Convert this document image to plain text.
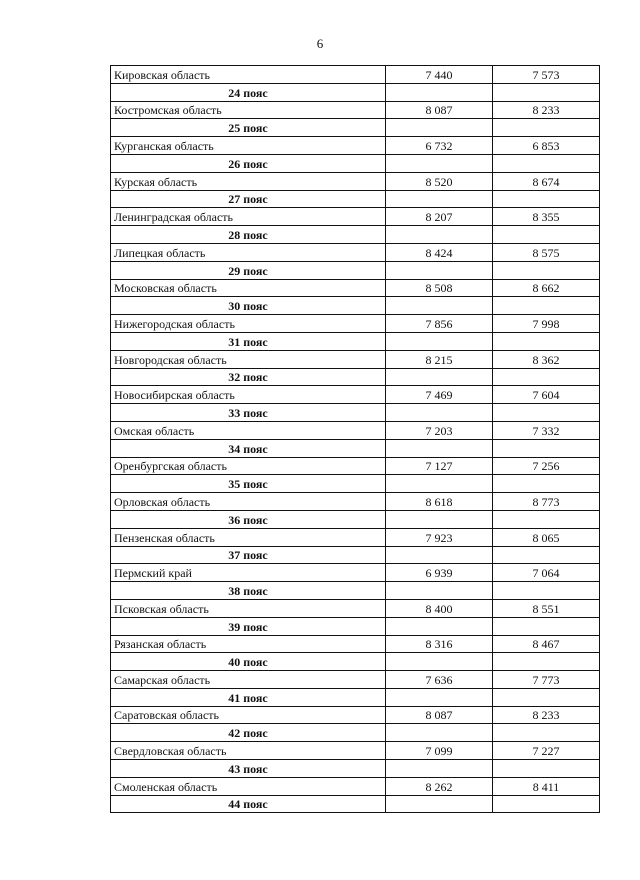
6
Кировская область	7 440	7 573
24 пояс		
Костромская область	8 087	8 233
25 пояс		
Курганская область	6 732	6 853
26 пояс		
Курская область	8 520	8 674
27 пояс		
Ленинградская область	8 207	8 355
28 пояс		
Липецкая область	8 424	8 575
29 пояс		
Московская область	8 508	8 662
30 пояс		
Нижегородская область	7 856	7 998
31 пояс		
Новгородская область	8 215	8 362
32 пояс		
Новосибирская область	7 469	7 604
33 пояс		
Омская область	7 203	7 332
34 пояс		
Оренбургская область	7 127	7 256
35 пояс		
Орловская область	8 618	8 773
36 пояс		
Пензенская область	7 923	8 065
37 пояс		
Пермский край	6 939	7 064
38 пояс		
Псковская область	8 400	8 551
39 пояс		
Рязанская область	8 316	8 467
40 пояс		
Самарская область	7 636	7 773
41 пояс		
Саратовская область	8 087	8 233
42 пояс		
Свердловская область	7 099	7 227
43 пояс		
Смоленская область	8 262	8 411
44 пояс		
